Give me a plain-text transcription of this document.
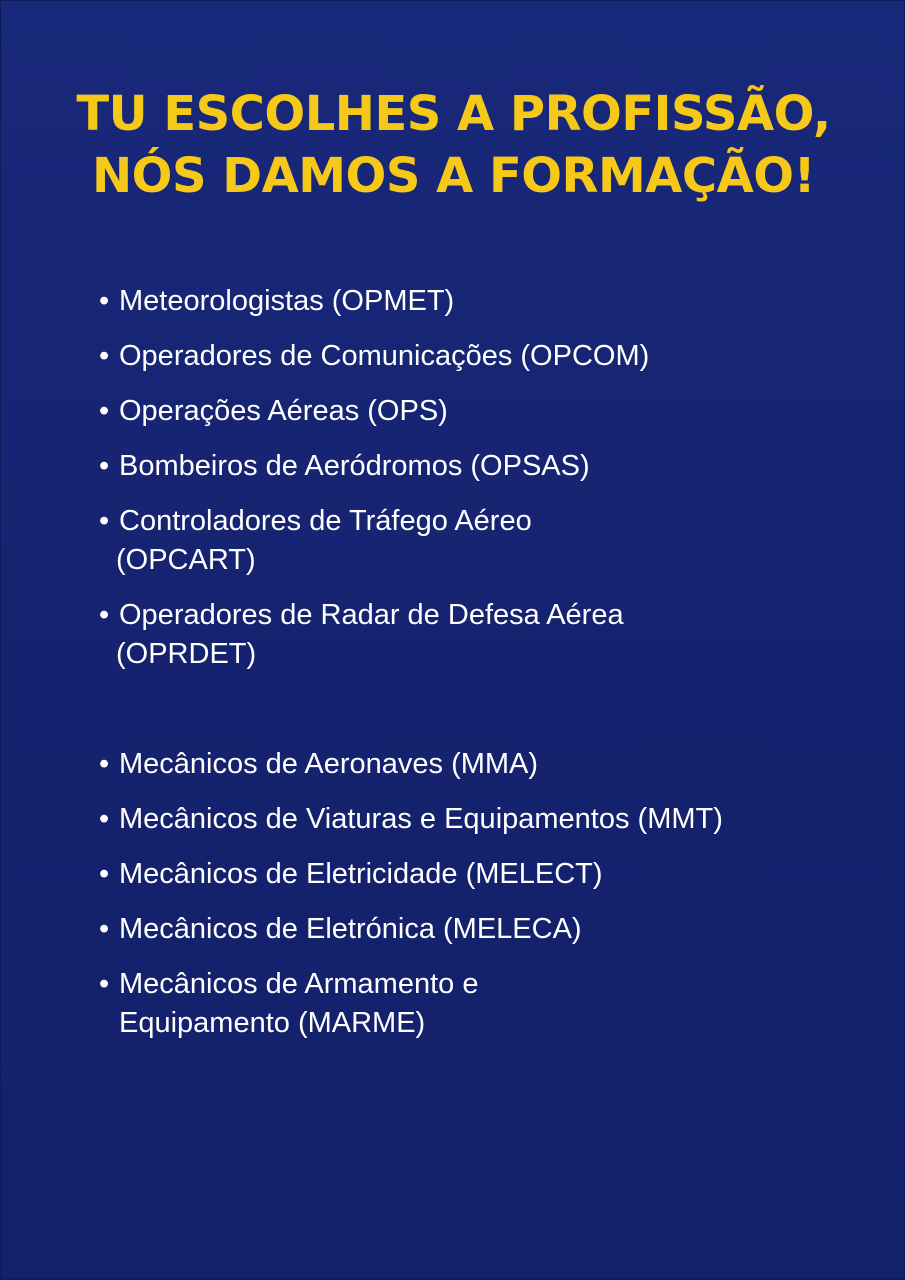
TU ESCOLHES A PROFISSÃO,
NÓS DAMOS A FORMAÇÃO!
• Meteorologistas (OPMET)
• Operadores de Comunicações (OPCOM)
• Operações Aéreas (OPS)
• Bombeiros de Aeródromos (OPSAS)
• Controladores de Tráfego Aéreo
(OPCART)
• Operadores de Radar de Defesa Aérea
(OPRDET)
• Mecânicos de Aeronaves (MMA)
• Mecânicos de Viaturas e Equipamentos (MMT)
• Mecânicos de Eletricidade (MELECT)
• Mecânicos de Eletrónica (MELECA)
• Mecânicos de Armamento e
Equipamento (MARME)
